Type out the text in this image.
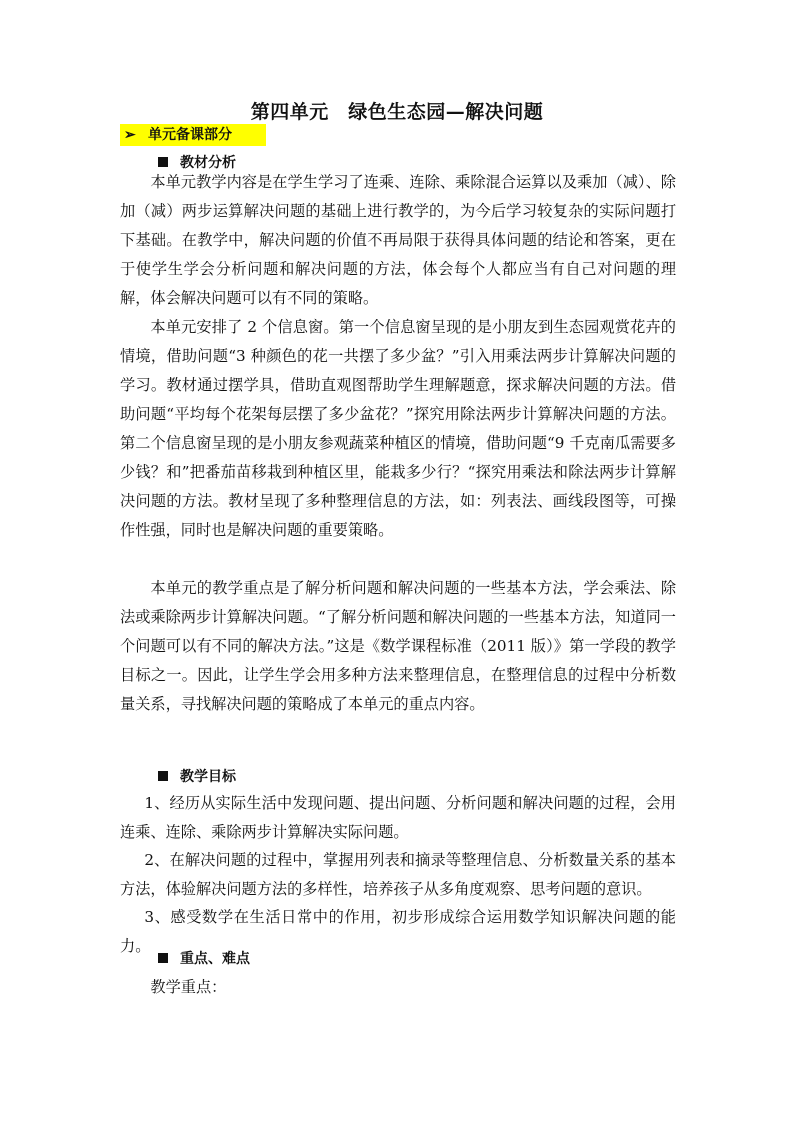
第四单元　绿色生态园—解决问题
➢ 单元备课部分
教材分析

本单元教学内容是在学生学习了连乘、连除、乘除混合运算以及乘加（减）、除加（减）两步运算解决问题的基础上进行教学的，为今后学习较复杂的实际问题打下基础。在教学中，解决问题的价值不再局限于获得具体问题的结论和答案，更在于使学生学会分析问题和解决问题的方法，体会每个人都应当有自己对问题的理解，体会解决问题可以有不同的策略。

本单元安排了 2 个信息窗。第一个信息窗呈现的是小朋友到生态园观赏花卉的情境，借助问题“3 种颜色的花一共摆了多少盆？”引入用乘法两步计算解决问题的学习。教材通过摆学具，借助直观图帮助学生理解题意，探求解决问题的方法。借助问题“平均每个花架每层摆了多少盆花？”探究用除法两步计算解决问题的方法。第二个信息窗呈现的是小朋友参观蔬菜种植区的情境，借助问题“9 千克南瓜需要多少钱？和”把番茄苗移栽到种植区里，能栽多少行？“探究用乘法和除法两步计算解决问题的方法。教材呈现了多种整理信息的方法，如：列表法、画线段图等，可操作性强，同时也是解决问题的重要策略。

本单元的教学重点是了解分析问题和解决问题的一些基本方法，学会乘法、除法或乘除两步计算解决问题。“了解分析问题和解决问题的一些基本方法，知道同一个问题可以有不同的解决方法。”这是《数学课程标准（2011 版）》第一学段的教学目标之一。因此，让学生学会用多种方法来整理信息，在整理信息的过程中分析数量关系，寻找解决问题的策略成了本单元的重点内容。

教学目标

1、经历从实际生活中发现问题、提出问题、分析问题和解决问题的过程，会用连乘、连除、乘除两步计算解决实际问题。

2、在解决问题的过程中，掌握用列表和摘录等整理信息、分析数量关系的基本方法，体验解决问题方法的多样性，培养孩子从多角度观察、思考问题的意识。

3、感受数学在生活日常中的作用，初步形成综合运用数学知识解决问题的能力。

重点、难点

教学重点：
